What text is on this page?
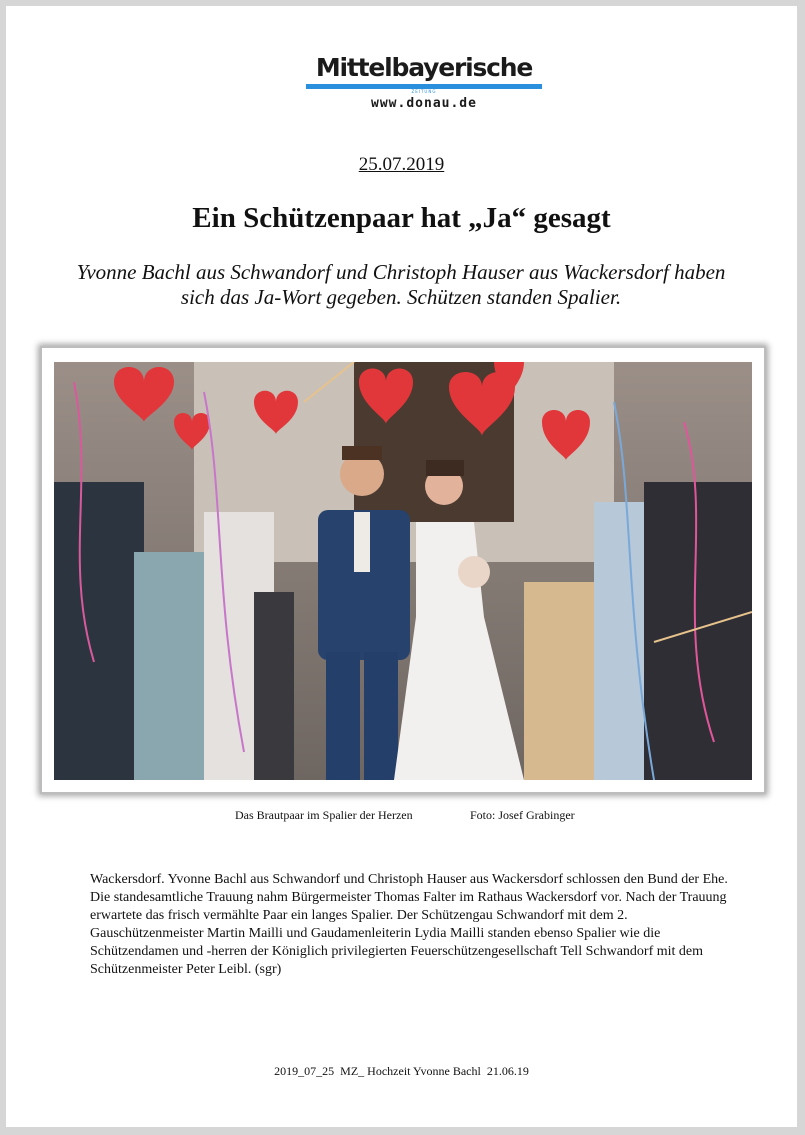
Mittelbayerische
ZEITUNG
www.donau.de
25.07.2019
Ein Schützenpaar hat „Ja“ gesagt
Yvonne Bachl aus Schwandorf und Christoph Hauser aus Wackersdorf haben sich das Ja-Wort gegeben. Schützen standen Spalier.
Das Brautpaar im Spalier der Herzen	Foto: Josef Grabinger
Wackersdorf. Yvonne Bachl aus Schwandorf und Christoph Hauser aus Wackersdorf schlossen den Bund der Ehe. Die standesamtliche Trauung nahm Bürgermeister Thomas Falter im Rathaus Wackersdorf vor. Nach der Trauung erwartete das frisch vermählte Paar ein langes Spalier. Der Schützengau Schwandorf mit dem 2. Gauschützenmeister Martin Mailli und Gaudamenleiterin Lydia Mailli standen ebenso Spalier wie die Schützendamen und -herren der Königlich privilegierten Feuerschützengesellschaft Tell Schwandorf mit dem Schützenmeister Peter Leibl. (sgr)
2019_07_25  MZ_ Hochzeit Yvonne Bachl  21.06.19
